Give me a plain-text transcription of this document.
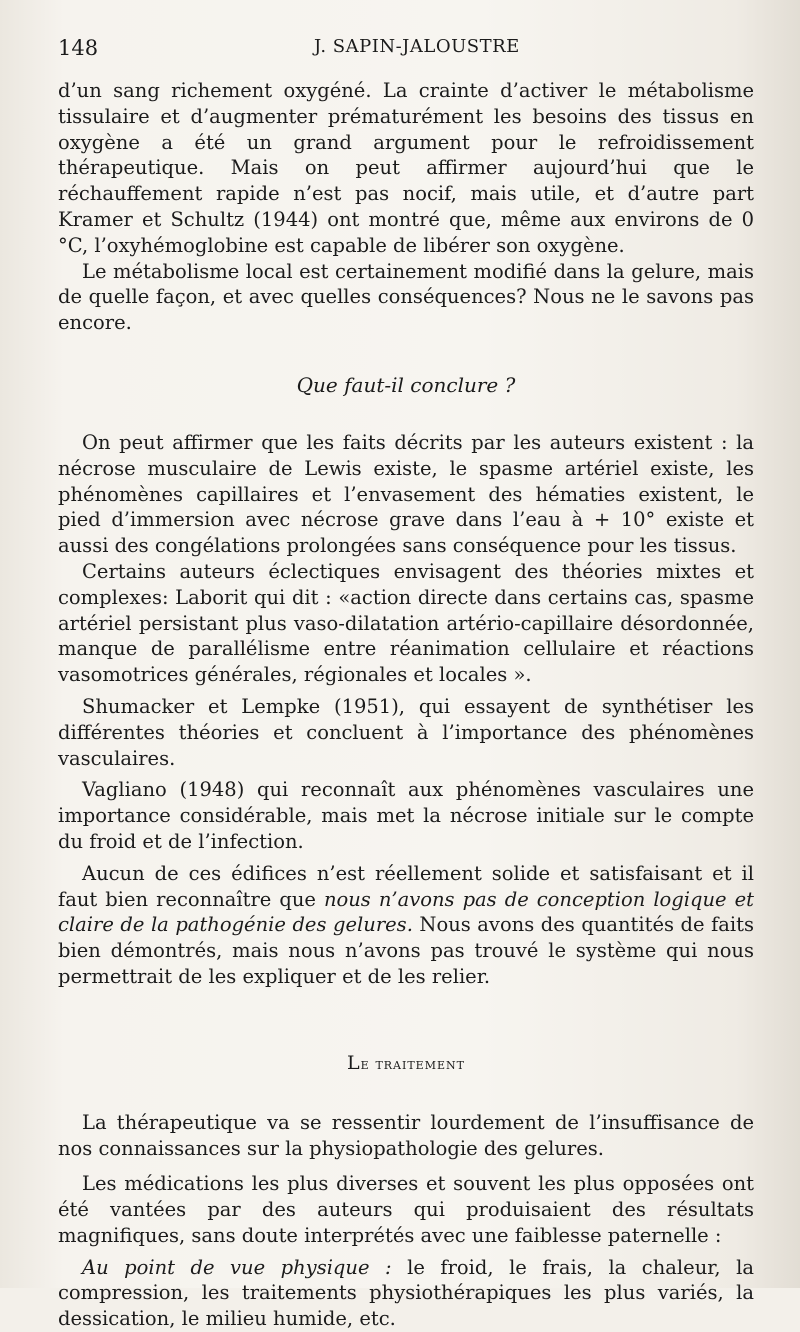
148	J. SAPIN-JALOUSTRE

d’un sang richement oxygéné. La crainte d’activer le métabolisme tissulaire et d’augmenter prématurément les besoins des tissus en oxygène a été un grand argument pour le refroidissement thérapeutique. Mais on peut affirmer aujourd’hui que le réchauffement rapide n’est pas nocif, mais utile, et d’autre part Kramer et Schultz (1944) ont montré que, même aux environs de 0 °C, l’oxyhémoglobine est capable de libérer son oxygène.

Le métabolisme local est certainement modifié dans la gelure, mais de quelle façon, et avec quelles conséquences? Nous ne le savons pas encore.

Que faut-il conclure ?

On peut affirmer que les faits décrits par les auteurs existent : la nécrose musculaire de Lewis existe, le spasme artériel existe, les phénomènes capillaires et l’envasement des hématies existent, le pied d’immersion avec nécrose grave dans l’eau à + 10° existe et aussi des congélations prolongées sans conséquence pour les tissus.

Certains auteurs éclectiques envisagent des théories mixtes et complexes: Laborit qui dit : «action directe dans certains cas, spasme artériel persistant plus vaso-dilatation artério-capillaire désordonnée, manque de parallélisme entre réanimation cellulaire et réactions vasomotrices générales, régionales et locales ».

Shumacker et Lempke (1951), qui essayent de synthétiser les différentes théories et concluent à l’importance des phénomènes vasculaires.

Vagliano (1948) qui reconnaît aux phénomènes vasculaires une importance considérable, mais met la nécrose initiale sur le compte du froid et de l’infection.

Aucun de ces édifices n’est réellement solide et satisfaisant et il faut bien reconnaître que nous n’avons pas de conception logique et claire de la pathogénie des gelures. Nous avons des quantités de faits bien démontrés, mais nous n’avons pas trouvé le système qui nous permettrait de les expliquer et de les relier.

Le traitement

La thérapeutique va se ressentir lourdement de l’insuffisance de nos connaissances sur la physiopathologie des gelures.

Les médications les plus diverses et souvent les plus opposées ont été vantées par des auteurs qui produisaient des résultats magnifiques, sans doute interprétés avec une faiblesse paternelle :

Au point de vue physique : le froid, le frais, la chaleur, la compression, les traitements physiothérapiques les plus variés, la dessication, le milieu humide, etc.
